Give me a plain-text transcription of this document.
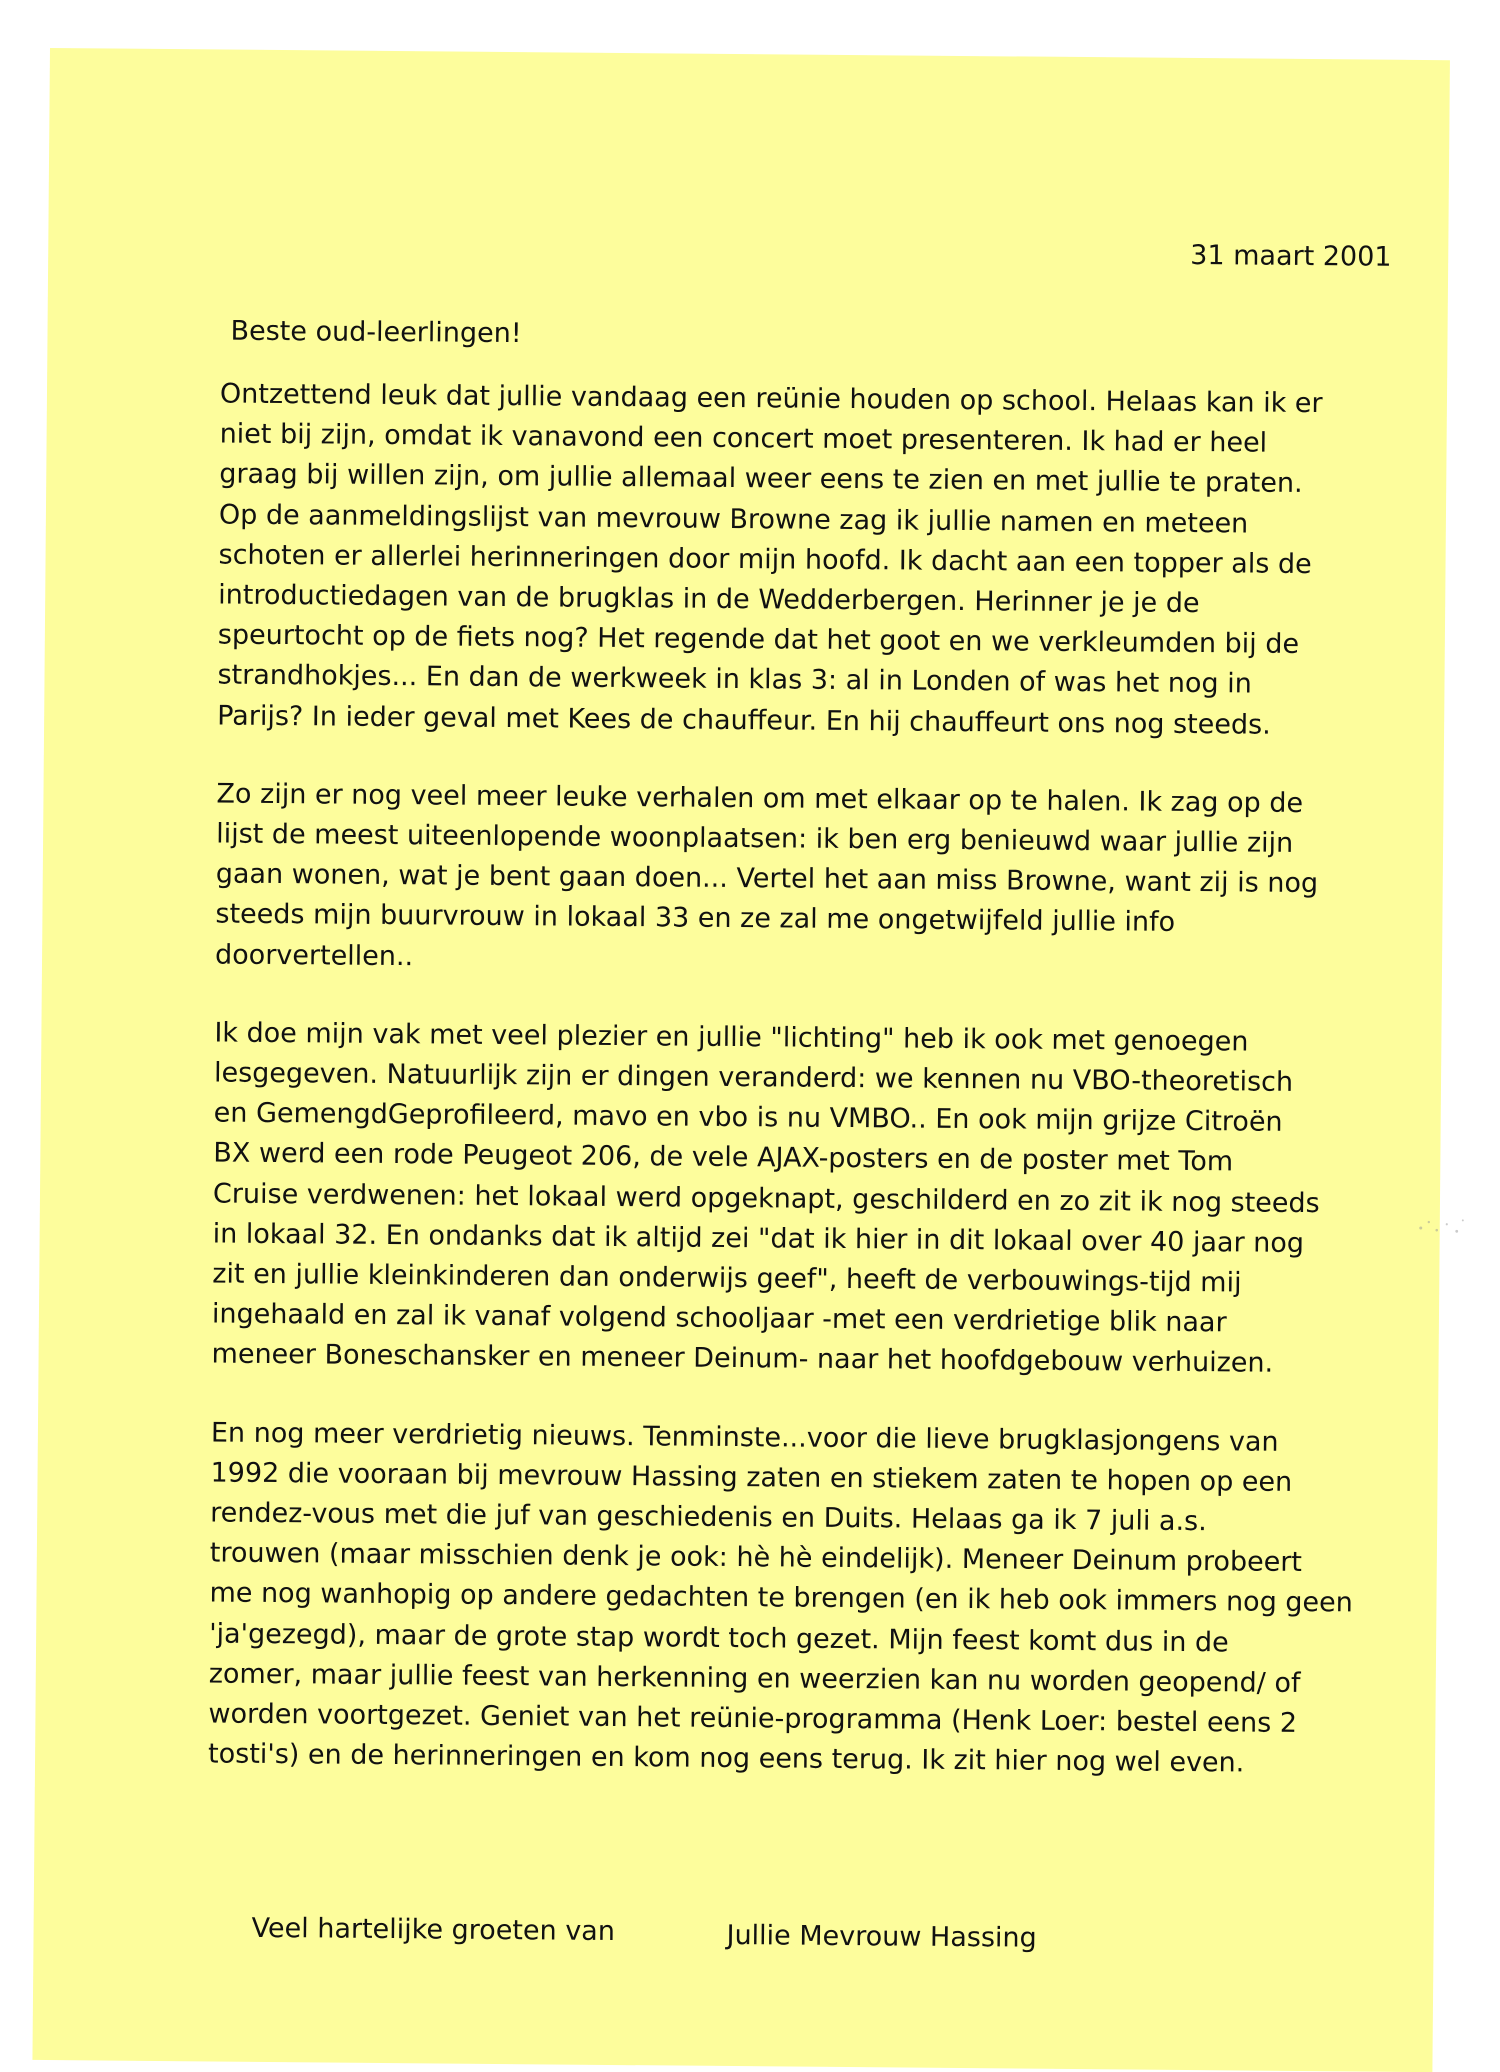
31 maart 2001
Beste oud-leerlingen!
Ontzettend leuk dat jullie vandaag een reünie houden op school. Helaas kan ik er
niet bij zijn, omdat ik vanavond een concert moet presenteren. Ik had er heel
graag bij willen zijn, om jullie allemaal weer eens te zien en met jullie te praten.
Op de aanmeldingslijst van mevrouw Browne zag ik jullie namen en meteen
schoten er allerlei herinneringen door mijn hoofd. Ik dacht aan een topper als de
introductiedagen van de brugklas in de Wedderbergen. Herinner je je de
speurtocht op de fiets nog? Het regende dat het goot en we verkleumden bij de
strandhokjes... En dan de werkweek in klas 3: al in Londen of was het nog in
Parijs? In ieder geval met Kees de chauffeur. En hij chauffeurt ons nog steeds.
Zo zijn er nog veel meer leuke verhalen om met elkaar op te halen. Ik zag op de
lijst de meest uiteenlopende woonplaatsen: ik ben erg benieuwd waar jullie zijn
gaan wonen, wat je bent gaan doen... Vertel het aan miss Browne, want zij is nog
steeds mijn buurvrouw in lokaal 33 en ze zal me ongetwijfeld jullie info
doorvertellen..
Ik doe mijn vak met veel plezier en jullie "lichting" heb ik ook met genoegen
lesgegeven. Natuurlijk zijn er dingen veranderd: we kennen nu VBO-theoretisch
en GemengdGeprofileerd, mavo en vbo is nu VMBO.. En ook mijn grijze Citroën
BX werd een rode Peugeot 206, de vele AJAX-posters en de poster met Tom
Cruise verdwenen: het lokaal werd opgeknapt, geschilderd en zo zit ik nog steeds
in lokaal 32. En ondanks dat ik altijd zei "dat ik hier in dit lokaal over 40 jaar nog
zit en jullie kleinkinderen dan onderwijs geef", heeft de verbouwings-tijd mij
ingehaald en zal ik vanaf volgend schooljaar -met een verdrietige blik naar
meneer Boneschansker en meneer Deinum- naar het hoofdgebouw verhuizen.
En nog meer verdrietig nieuws. Tenminste...voor die lieve brugklasjongens van
1992 die vooraan bij mevrouw Hassing zaten en stiekem zaten te hopen op een
rendez-vous met die juf van geschiedenis en Duits. Helaas ga ik 7 juli a.s.
trouwen (maar misschien denk je ook: hè hè eindelijk). Meneer Deinum probeert
me nog wanhopig op andere gedachten te brengen (en ik heb ook immers nog geen
'ja'gezegd), maar de grote stap wordt toch gezet. Mijn feest komt dus in de
zomer, maar jullie feest van herkenning en weerzien kan nu worden geopend/ of
worden voortgezet. Geniet van het reünie-programma (Henk Loer: bestel eens 2
tosti's) en de herinneringen en kom nog eens terug. Ik zit hier nog wel even.
Veel hartelijke groeten van	Jullie Mevrouw Hassing
